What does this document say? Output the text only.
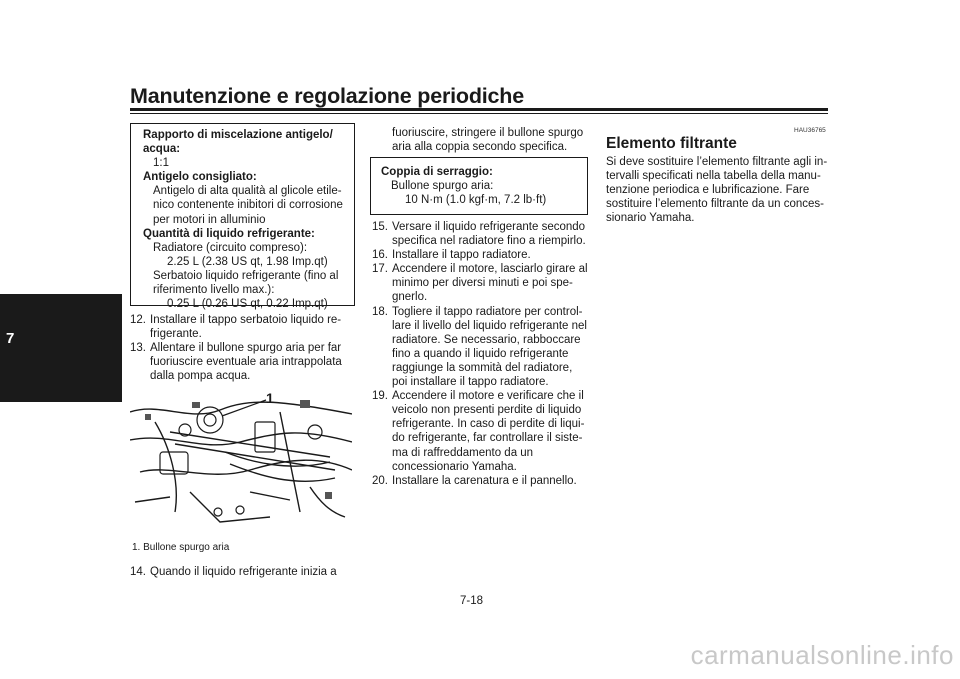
Manutenzione e regolazione periodiche
7
Rapporto di miscelazione antigelo/
acqua:
1:1
Antigelo consigliato:
Antigelo di alta qualità al glicole etile-
nico contenente inibitori di corrosione
per motori in alluminio
Quantità di liquido refrigerante:
Radiatore (circuito compreso):
2.25 L (2.38 US qt, 1.98 Imp.qt)
Serbatoio liquido refrigerante (fino al
riferimento livello max.):
0.25 L (0.26 US qt, 0.22 Imp.qt)
12. Installare il tappo serbatoio liquido re-
frigerante.
13. Allentare il bullone spurgo aria per far
fuoriuscire eventuale aria intrappolata
dalla pompa acqua.
1
1. Bullone spurgo aria
14. Quando il liquido refrigerante inizia a
fuoriuscire, stringere il bullone spurgo
aria alla coppia secondo specifica.
Coppia di serraggio:
Bullone spurgo aria:
10 N·m (1.0 kgf·m, 7.2 lb·ft)
15. Versare il liquido refrigerante secondo
specifica nel radiatore fino a riempirlo.
16. Installare il tappo radiatore.
17. Accendere il motore, lasciarlo girare al
minimo per diversi minuti e poi spe-
gnerlo.
18. Togliere il tappo radiatore per control-
lare il livello del liquido refrigerante nel
radiatore. Se necessario, rabboccare
fino a quando il liquido refrigerante
raggiunge la sommità del radiatore,
poi installare il tappo radiatore.
19. Accendere il motore e verificare che il
veicolo non presenti perdite di liquido
refrigerante. In caso di perdite di liqui-
do refrigerante, far controllare il siste-
ma di raffreddamento da un
concessionario Yamaha.
20. Installare la carenatura e il pannello.
HAU36765
Elemento filtrante
Si deve sostituire l’elemento filtrante agli in-
tervalli specificati nella tabella della manu-
tenzione periodica e lubrificazione. Fare
sostituire l’elemento filtrante da un conces-
sionario Yamaha.
7-18
carmanualsonline.info
